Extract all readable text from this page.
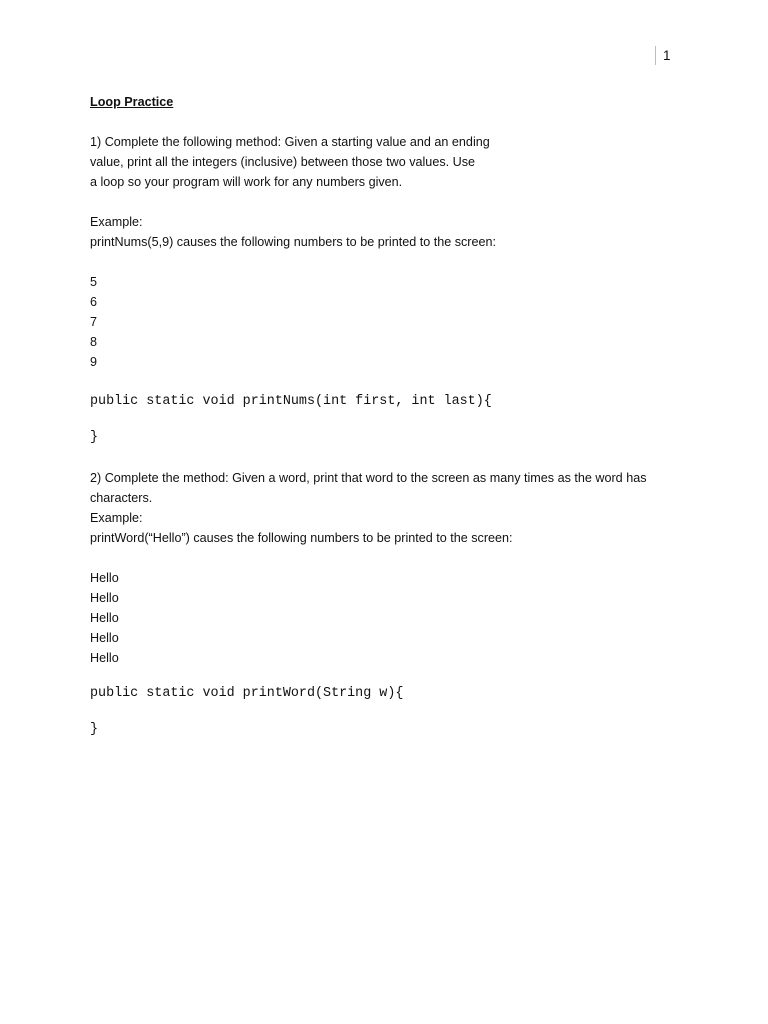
1
Loop Practice
1) Complete the following method: Given a starting value and an ending
value, print all the integers (inclusive) between those two values. Use
a loop so your program will work for any numbers given.
Example:
printNums(5,9) causes the following numbers to be printed to the screen:
5
6
7
8
9
public static void printNums(int first, int last){
}
2) Complete the method: Given a word, print that word to the screen as many times as the word has
characters.
Example:
printWord(“Hello”) causes the following numbers to be printed to the screen:
Hello
Hello
Hello
Hello
Hello
public static void printWord(String w){
}
